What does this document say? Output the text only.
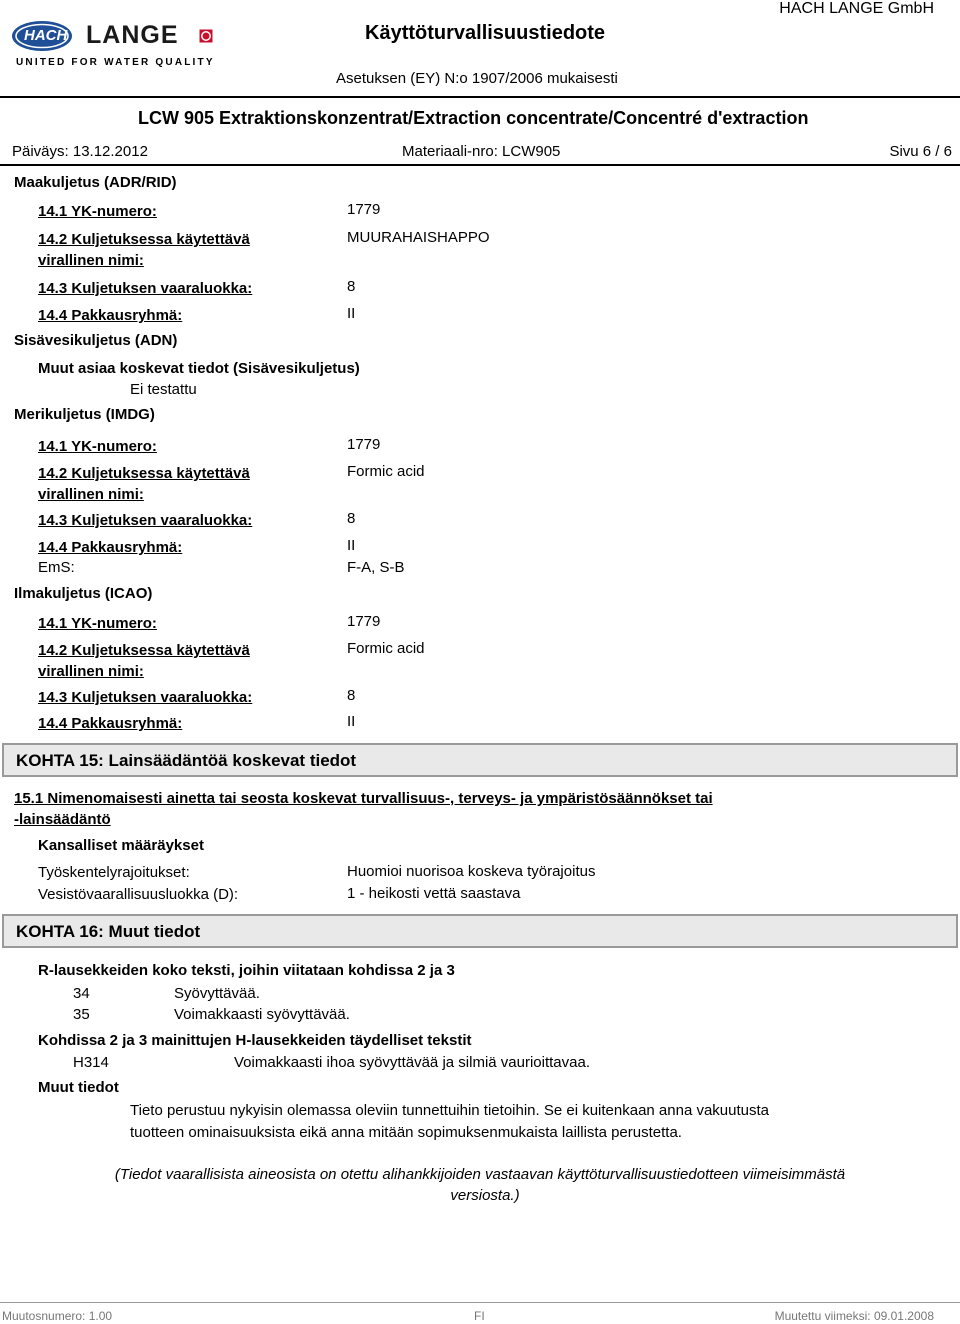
HACH LANGE
UNITED FOR WATER QUALITY
Käyttöturvallisuustiedote
HACH LANGE GmbH
Asetuksen (EY) N:o 1907/2006 mukaisesti
LCW 905 Extraktionskonzentrat/Extraction concentrate/Concentré d'extraction
Päiväys: 13.12.2012	Materiaali-nro: LCW905	Sivu 6 / 6
Maakuljetus (ADR/RID)
14.1 YK-numero:	1779
14.2 Kuljetuksessa käytettävä
virallinen nimi:
MUURAHAISHAPPO
14.3 Kuljetuksen vaaraluokka:	8
14.4 Pakkausryhmä:	II
Sisävesikuljetus (ADN)
Muut asiaa koskevat tiedot (Sisävesikuljetus)
Ei testattu
Merikuljetus (IMDG)
14.1 YK-numero:	1779
14.2 Kuljetuksessa käytettävä
virallinen nimi:
Formic acid
14.3 Kuljetuksen vaaraluokka:	8
14.4 Pakkausryhmä:	II
EmS:	F-A, S-B
Ilmakuljetus (ICAO)
14.1 YK-numero:	1779
14.2 Kuljetuksessa käytettävä
virallinen nimi:
Formic acid
14.3 Kuljetuksen vaaraluokka:	8
14.4 Pakkausryhmä:	II
KOHTA 15: Lainsäädäntöä koskevat tiedot
15.1 Nimenomaisesti ainetta tai seosta koskevat turvallisuus-, terveys- ja ympäristösäännökset tai
-lainsäädäntö
Kansalliset määräykset
Työskentelyrajoitukset:	Huomioi nuorisoa koskeva työrajoitus
Vesistövaarallisuusluokka (D):	1 - heikosti vettä saastava
KOHTA 16: Muut tiedot
R-lausekkeiden koko teksti, joihin viitataan kohdissa 2 ja 3
34	Syövyttävää.
35	Voimakkaasti syövyttävää.
Kohdissa 2 ja 3 mainittujen H-lausekkeiden täydelliset tekstit
H314	Voimakkaasti ihoa syövyttävää ja silmiä vaurioittavaa.
Muut tiedot
Tieto perustuu nykyisin olemassa oleviin tunnettuihin tietoihin. Se ei kuitenkaan anna vakuutusta
tuotteen ominaisuuksista eikä anna mitään sopimuksenmukaista laillista perustetta.
(Tiedot vaarallisista aineosista on otettu alihankkijoiden vastaavan käyttöturvallisuustiedotteen viimeisimmästä
versiosta.)
Muutosnumero: 1.00	FI	Muutettu viimeksi: 09.01.2008
